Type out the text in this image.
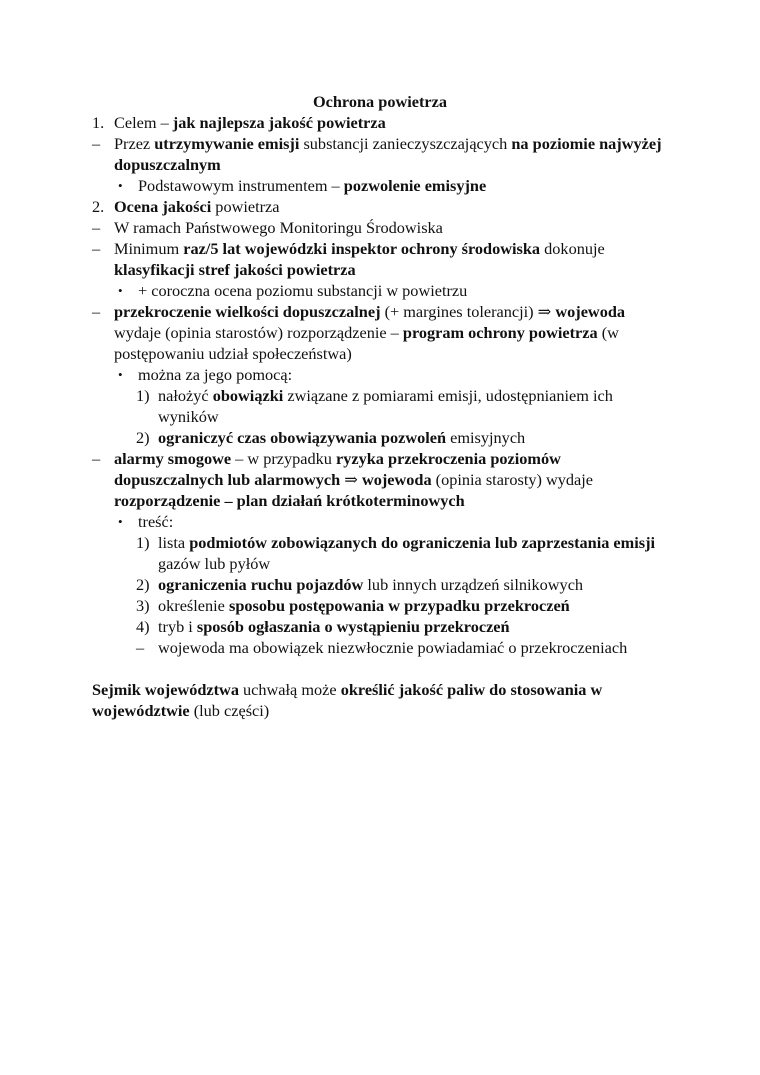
Ochrona powietrza
1. Celem – jak najlepsza jakość powietrza
– Przez utrzymywanie emisji substancji zanieczyszczających na poziomie najwyżej dopuszczalnym
• Podstawowym instrumentem – pozwolenie emisyjne
2. Ocena jakości powietrza
– W ramach Państwowego Monitoringu Środowiska
– Minimum raz/5 lat wojewódzki inspektor ochrony środowiska dokonuje klasyfikacji stref jakości powietrza
• + coroczna ocena poziomu substancji w powietrzu
– przekroczenie wielkości dopuszczalnej (+ margines tolerancji) ⇒ wojewoda wydaje (opinia starostów) rozporządzenie – program ochrony powietrza (w postępowaniu udział społeczeństwa)
• można za jego pomocą:
1) nałożyć obowiązki związane z pomiarami emisji, udostępnianiem ich wyników
2) ograniczyć czas obowiązywania pozwoleń emisyjnych
– alarmy smogowe – w przypadku ryzyka przekroczenia poziomów dopuszczalnych lub alarmowych ⇒ wojewoda (opinia starosty) wydaje rozporządzenie – plan działań krótkoterminowych
• treść:
1) lista podmiotów zobowiązanych do ograniczenia lub zaprzestania emisji gazów lub pyłów
2) ograniczenia ruchu pojazdów lub innych urządzeń silnikowych
3) określenie sposobu postępowania w przypadku przekroczeń
4) tryb i sposób ogłaszania o wystąpieniu przekroczeń
– wojewoda ma obowiązek niezwłocznie powiadamiać o przekroczeniach
Sejmik województwa uchwałą może określić jakość paliw do stosowania w województwie (lub części)
